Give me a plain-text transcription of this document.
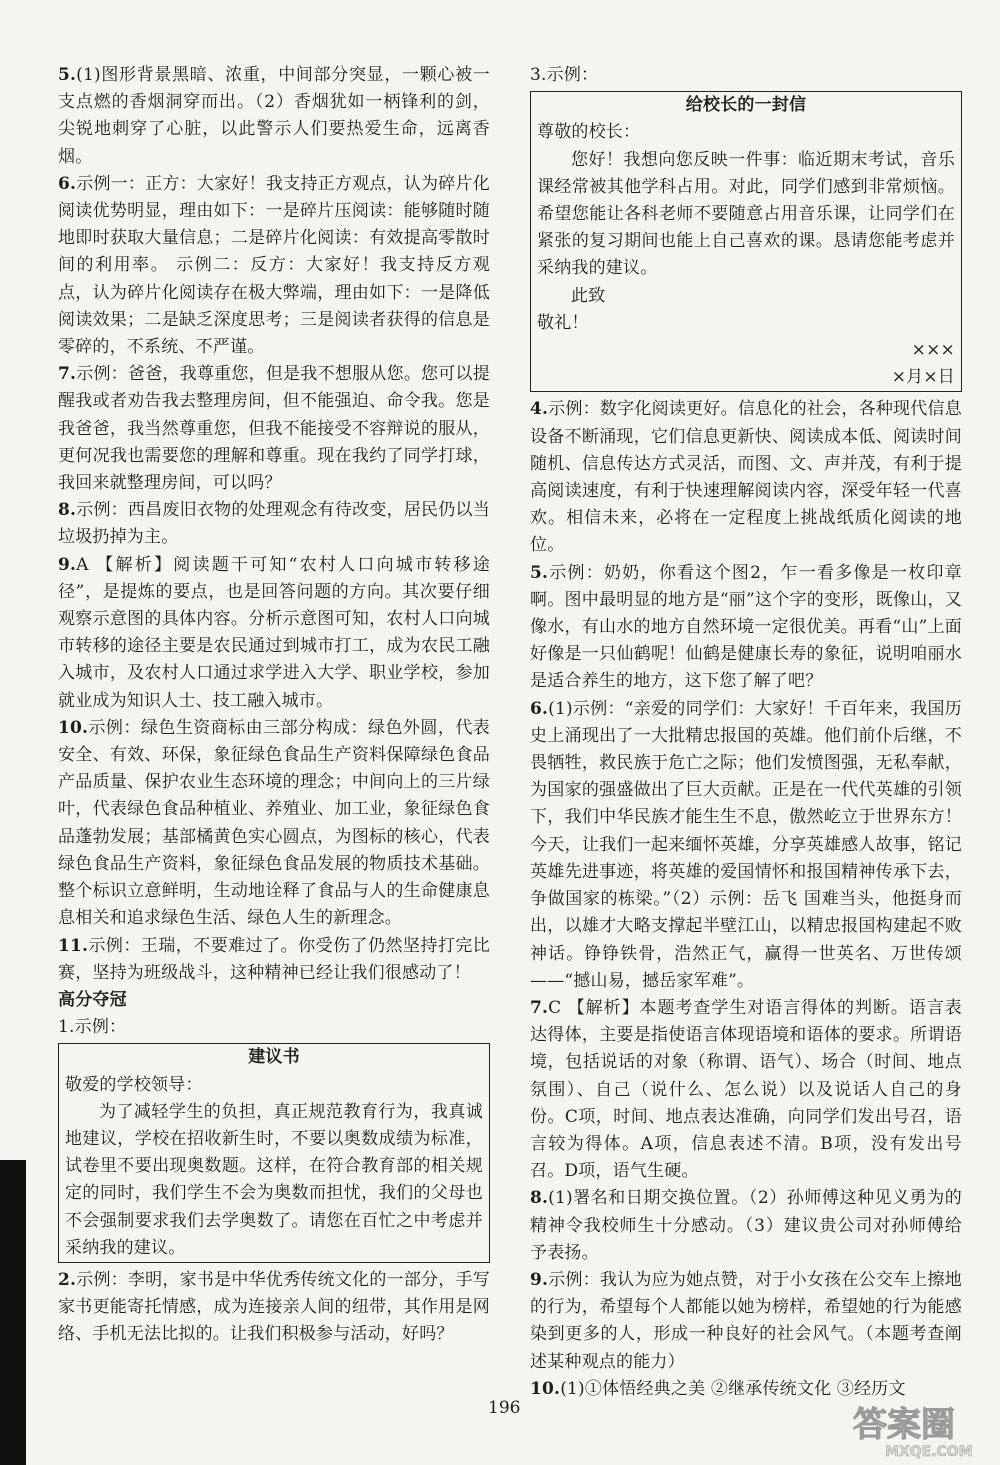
5.(1)图形背景黑暗、浓重，中间部分突显，一颗心被一支点燃的香烟洞穿而出。（2）香烟犹如一柄锋利的剑，尖锐地刺穿了心脏，以此警示人们要热爱生命，远离香烟。

6.示例一：正方：大家好！我支持正方观点，认为碎片化阅读优势明显，理由如下：一是碎片压阅读：能够随时随地即时获取大量信息；二是碎片化阅读：有效提高零散时间的利用率。 示例二：反方：大家好！我支持反方观点，认为碎片化阅读存在极大弊端，理由如下：一是降低阅读效果；二是缺乏深度思考；三是阅读者获得的信息是零碎的，不系统、不严谨。

7.示例：爸爸，我尊重您，但是我不想服从您。您可以提醒我或者劝告我去整理房间，但不能强迫、命令我。您是我爸爸，我当然尊重您，但我不能接受不容辩说的服从，更何况我也需要您的理解和尊重。现在我约了同学打球，我回来就整理房间，可以吗？

8.示例：西昌废旧衣物的处理观念有待改变，居民仍以当垃圾扔掉为主。

9.A 【解析】阅读题干可知“农村人口向城市转移途径”，是提炼的要点，也是回答问题的方向。其次要仔细观察示意图的具体内容。分析示意图可知，农村人口向城市转移的途径主要是农民通过到城市打工，成为农民工融入城市，及农村人口通过求学进入大学、职业学校，参加就业成为知识人士、技工融入城市。

10.示例：绿色生资商标由三部分构成：绿色外圆，代表安全、有效、环保，象征绿色食品生产资料保障绿色食品产品质量、保护农业生态环境的理念；中间向上的三片绿叶，代表绿色食品种植业、养殖业、加工业，象征绿色食品蓬勃发展；基部橘黄色实心圆点，为图标的核心，代表绿色食品生产资料，象征绿色食品发展的物质技术基础。整个标识立意鲜明，生动地诠释了食品与人的生命健康息息相关和追求绿色生活、绿色人生的新理念。

11.示例：王瑞，不要难过了。你受伤了仍然坚持打完比赛，坚持为班级战斗，这种精神已经让我们很感动了！

高分夺冠

1.示例：

建议书

敬爱的学校领导：

为了减轻学生的负担，真正规范教育行为，我真诚地建议，学校在招收新生时，不要以奥数成绩为标准，试卷里不要出现奥数题。这样，在符合教育部的相关规定的同时，我们学生不会为奥数而担忧，我们的父母也不会强制要求我们去学奥数了。请您在百忙之中考虑并采纳我的建议。

2.示例：李明，家书是中华优秀传统文化的一部分，手写家书更能寄托情感，成为连接亲人间的纽带，其作用是网络、手机无法比拟的。让我们积极参与活动，好吗？

3.示例：

给校长的一封信

尊敬的校长：

您好！我想向您反映一件事：临近期末考试，音乐课经常被其他学科占用。对此，同学们感到非常烦恼。希望您能让各科老师不要随意占用音乐课，让同学们在紧张的复习期间也能上自己喜欢的课。恳请您能考虑并采纳我的建议。

此致

敬礼！

×××

×月×日

4.示例：数字化阅读更好。信息化的社会，各种现代信息设备不断涌现，它们信息更新快、阅读成本低、阅读时间随机、信息传达方式灵活，而图、文、声并茂，有利于提高阅读速度，有利于快速理解阅读内容，深受年轻一代喜欢。相信未来，必将在一定程度上挑战纸质化阅读的地位。

5.示例：奶奶，你看这个图2，乍一看多像是一枚印章啊。图中最明显的地方是“丽”这个字的变形，既像山，又像水，有山水的地方自然环境一定很优美。再看“山”上面好像是一只仙鹤呢！仙鹤是健康长寿的象征，说明咱丽水是适合养生的地方，这下您了解了吧？

6.(1)示例：“亲爱的同学们：大家好！千百年来，我国历史上涌现出了一大批精忠报国的英雄。他们前仆后继，不畏牺牲，救民族于危亡之际；他们发愤图强，无私奉献，为国家的强盛做出了巨大贡献。正是在一代代英雄的引领下，我们中华民族才能生生不息，傲然屹立于世界东方！今天，让我们一起来缅怀英雄，分享英雄感人故事，铭记英雄先进事迹，将英雄的爱国情怀和报国精神传承下去，争做国家的栋梁。”（2）示例：岳飞 国难当头，他挺身而出，以雄才大略支撑起半壁江山，以精忠报国构建起不败神话。铮铮铁骨，浩然正气，赢得一世英名、万世传颂——“撼山易，撼岳家军难”。

7.C 【解析】本题考查学生对语言得体的判断。语言表达得体，主要是指使语言体现语境和语体的要求。所谓语境，包括说话的对象（称谓、语气）、场合（时间、地点氛围）、自己（说什么、怎么说）以及说话人自己的身份。C项，时间、地点表达准确，向同学们发出号召，语言较为得体。A项，信息表述不清。B项，没有发出号召。D项，语气生硬。

8.(1)署名和日期交换位置。（2）孙师傅这种见义勇为的精神令我校师生十分感动。（3）建议贵公司对孙师傅给予表扬。

9.示例：我认为应为她点赞，对于小女孩在公交车上擦地的行为，希望每个人都能以她为榜样，希望她的行为能感染到更多的人，形成一种良好的社会风气。（本题考查阐述某种观点的能力）

10.(1)①体悟经典之美 ②继承传统文化 ③经历文

196	答案圈
MXQE.COM
